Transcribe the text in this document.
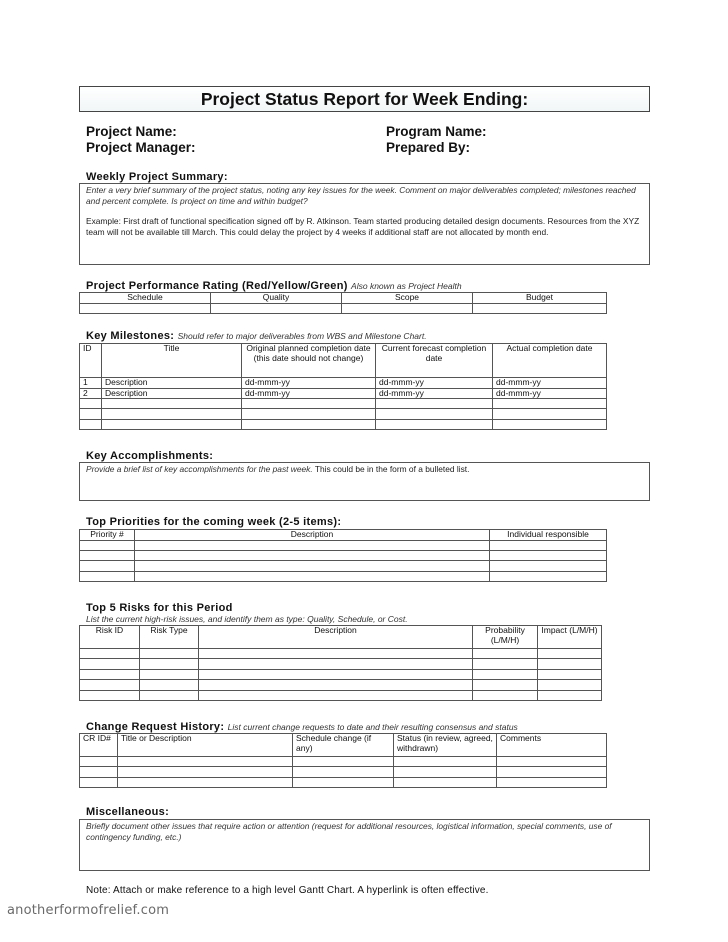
Project Status Report for Week Ending:
Project Name:
Project Manager:
Program Name:
Prepared By:
Weekly Project Summary:
Enter a very brief summary of the project status, noting any key issues for the week. Comment on major deliverables completed; milestones reached and percent complete. Is project on time and within budget?
Example: First draft of functional specification signed off by R. Atkinson. Team started producing detailed design documents. Resources from the XYZ team will not be available till March. This could delay the project by 4 weeks if additional staff are not allocated by month end.
Project Performance Rating (Red/Yellow/Green) Also known as Project Health
Schedule	Quality	Scope	Budget

Key Milestones: Should refer to major deliverables from WBS and Milestone Chart.
ID	Title	Original planned completion date (this date should not change)	Current forecast completion date	Actual completion date
1	Description	dd-mmm-yy	dd-mmm-yy	dd-mmm-yy
2	Description	dd-mmm-yy	dd-mmm-yy	dd-mmm-yy

Key Accomplishments:
Provide a brief list of key accomplishments for the past week. This could be in the form of a bulleted list.
Top Priorities for the coming week (2-5 items):
Priority #	Description	Individual responsible

Top 5 Risks for this Period
List the current high-risk issues, and identify them as type: Quality, Schedule, or Cost.
Risk ID	Risk Type	Description	Probability (L/M/H)	Impact (L/M/H)

Change Request History: List current change requests to date and their resulting consensus and status
CR ID#	Title or Description	Schedule change (if any)	Status (in review, agreed, withdrawn)	Comments

Miscellaneous:
Briefly document other issues that require action or attention (request for additional resources, logistical information, special comments, use of contingency funding, etc.)
Note: Attach or make reference to a high level Gantt Chart. A hyperlink is often effective.
anotherformofrelief.com
